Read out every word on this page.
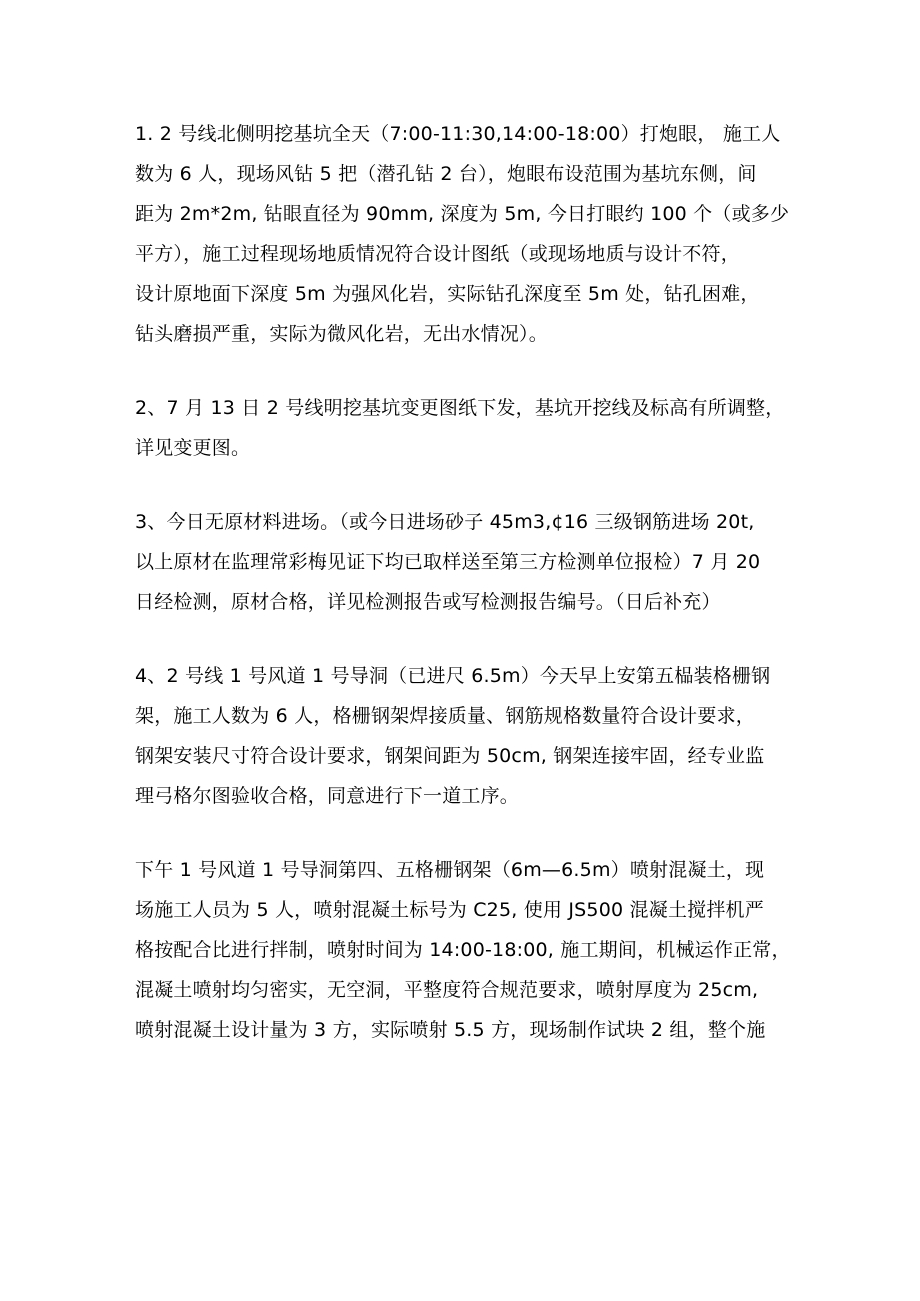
1. 2 号线北侧明挖基坑全天（7:00-11:30,14:00-18:00）打炮眼， 施工人
数为 6 人，现场风钻 5 把（潜孔钻 2 台），炮眼布设范围为基坑东侧，间
距为 2m*2m, 钻眼直径为 90mm, 深度为 5m, 今日打眼约 100 个（或多少
平方），施工过程现场地质情况符合设计图纸（或现场地质与设计不符，
设计原地面下深度 5m 为强风化岩，实际钻孔深度至 5m 处，钻孔困难，
钻头磨损严重，实际为微风化岩，无出水情况）。
2、7 月 13 日 2 号线明挖基坑变更图纸下发，基坑开挖线及标高有所调整，
详见变更图。
3、今日无原材料进场。（或今日进场砂子 45m3,¢16 三级钢筋进场 20t,
以上原材在监理常彩梅见证下均已取样送至第三方检测单位报检）7 月 20
日经检测，原材合格，详见检测报告或写检测报告编号。（日后补充）
4、2 号线 1 号风道 1 号导洞（已进尺 6.5m）今天早上安第五榀装格栅钢
架，施工人数为 6 人，格栅钢架焊接质量、钢筋规格数量符合设计要求，
钢架安装尺寸符合设计要求，钢架间距为 50cm, 钢架连接牢固，经专业监
理弓格尔图验收合格，同意进行下一道工序。
下午 1 号风道 1 号导洞第四、五格栅钢架（6m—6.5m）喷射混凝土，现
场施工人员为 5 人，喷射混凝土标号为 C25, 使用 JS500 混凝土搅拌机严
格按配合比进行拌制，喷射时间为 14:00-18:00, 施工期间，机械运作正常，
混凝土喷射均匀密实，无空洞，平整度符合规范要求，喷射厚度为 25cm,
喷射混凝土设计量为 3 方，实际喷射 5.5 方，现场制作试块 2 组，整个施
